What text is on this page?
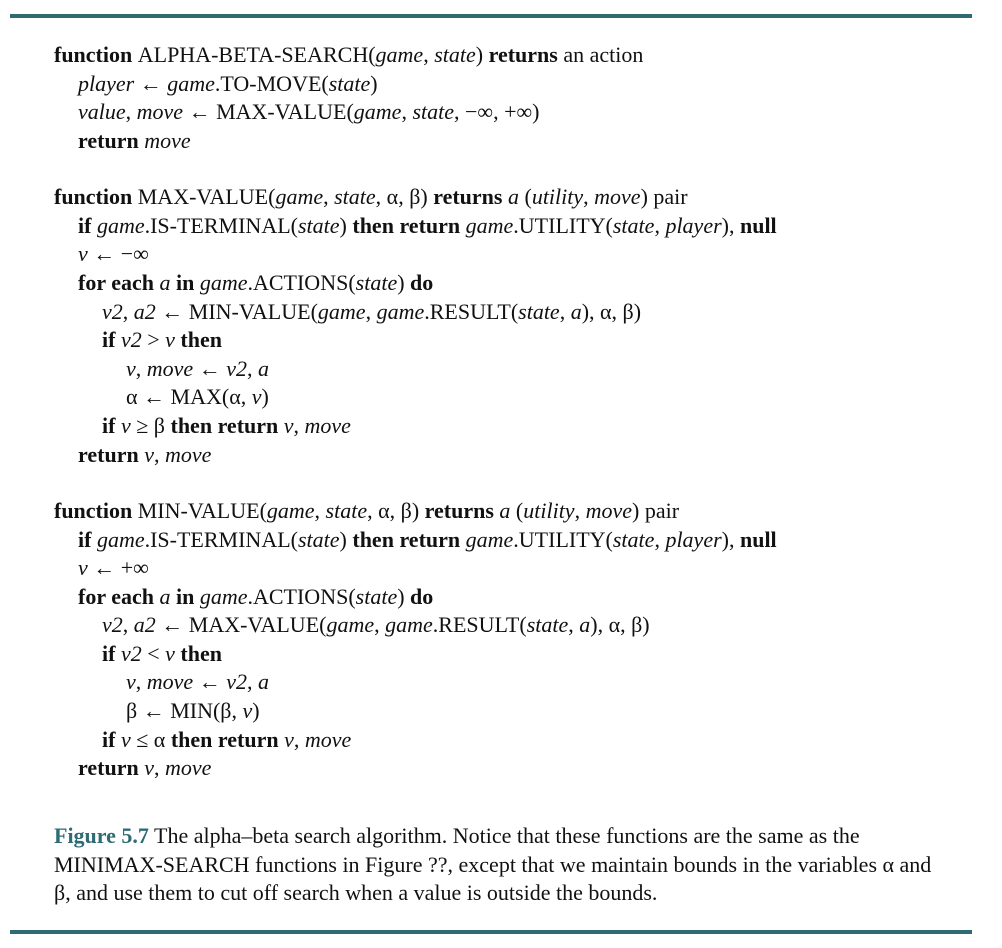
function ALPHA-BETA-SEARCH(game, state) returns an action
player ← game.TO-MOVE(state)
value, move ← MAX-VALUE(game, state, −∞, +∞)
return move
function MAX-VALUE(game, state, α, β) returns a (utility, move) pair
if game.IS-TERMINAL(state) then return game.UTILITY(state, player), null
v ← −∞
for each a in game.ACTIONS(state) do
v2, a2 ← MIN-VALUE(game, game.RESULT(state, a), α, β)
if v2 > v then
v, move ← v2, a
α ← MAX(α, v)
if v ≥ β then return v, move
return v, move
function MIN-VALUE(game, state, α, β) returns a (utility, move) pair
if game.IS-TERMINAL(state) then return game.UTILITY(state, player), null
v ← +∞
for each a in game.ACTIONS(state) do
v2, a2 ← MAX-VALUE(game, game.RESULT(state, a), α, β)
if v2 < v then
v, move ← v2, a
β ← MIN(β, v)
if v ≤ α then return v, move
return v, move
Figure 5.7 The alpha–beta search algorithm. Notice that these functions are the same as the MINIMAX-SEARCH functions in Figure ??, except that we maintain bounds in the variables α and β, and use them to cut off search when a value is outside the bounds.
